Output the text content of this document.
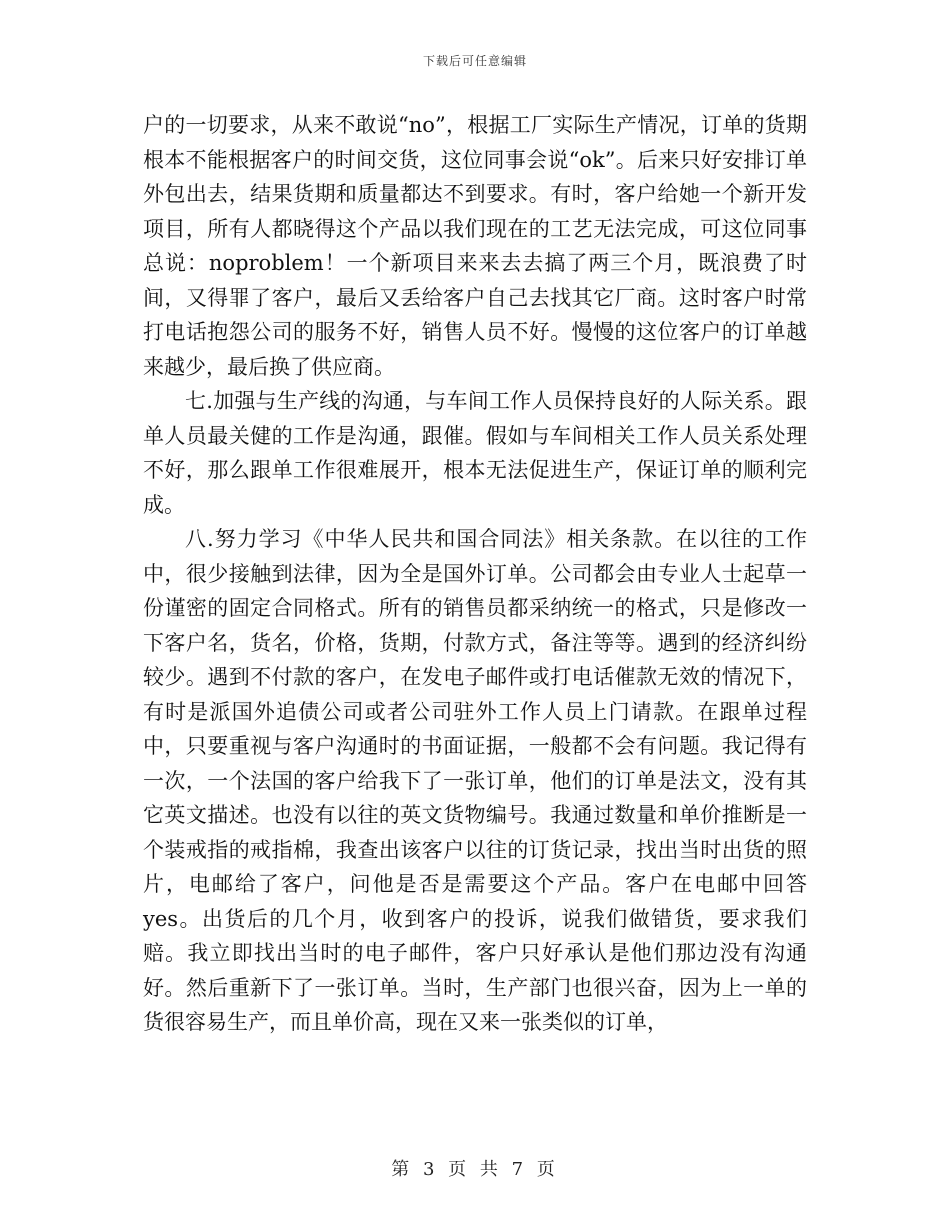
下载后可任意编辑

户的一切要求，从来不敢说“no”，根据工厂实际生产情况，订单的货期根本不能根据客户的时间交货，这位同事会说“ok”。后来只好安排订单外包出去，结果货期和质量都达不到要求。有时，客户给她一个新开发项目，所有人都晓得这个产品以我们现在的工艺无法完成，可这位同事总说：noproblem！一个新项目来来去去搞了两三个月，既浪费了时间，又得罪了客户，最后又丢给客户自己去找其它厂商。这时客户时常打电话抱怨公司的服务不好，销售人员不好。慢慢的这位客户的订单越来越少，最后换了供应商。

七.加强与生产线的沟通，与车间工作人员保持良好的人际关系。跟单人员最关健的工作是沟通，跟催。假如与车间相关工作人员关系处理不好，那么跟单工作很难展开，根本无法促进生产，保证订单的顺利完成。

八.努力学习《中华人民共和国合同法》相关条款。在以往的工作中，很少接触到法律，因为全是国外订单。公司都会由专业人士起草一份谨密的固定合同格式。所有的销售员都采纳统一的格式，只是修改一下客户名，货名，价格，货期，付款方式，备注等等。遇到的经济纠纷较少。遇到不付款的客户，在发电子邮件或打电话催款无效的情况下，有时是派国外追债公司或者公司驻外工作人员上门请款。在跟单过程中，只要重视与客户沟通时的书面证据，一般都不会有问题。我记得有一次，一个法国的客户给我下了一张订单，他们的订单是法文，没有其它英文描述。也没有以往的英文货物编号。我通过数量和单价推断是一个装戒指的戒指棉，我查出该客户以往的订货记录，找出当时出货的照片，电邮给了客户，问他是否是需要这个产品。客户在电邮中回答yes。出货后的几个月，收到客户的投诉，说我们做错货，要求我们赔。我立即找出当时的电子邮件，客户只好承认是他们那边没有沟通好。然后重新下了一张订单。当时，生产部门也很兴奋，因为上一单的货很容易生产，而且单价高，现在又来一张类似的订单，

第 3 页 共 7 页
